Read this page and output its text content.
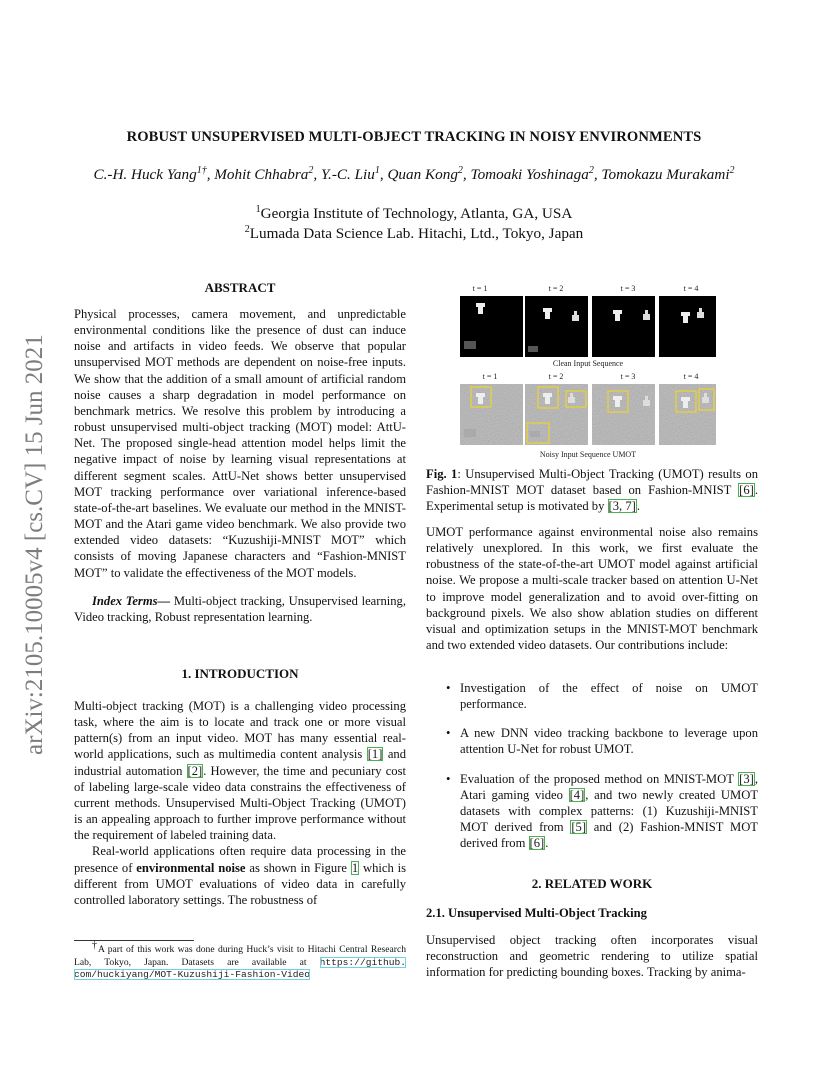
arXiv:2105.10005v4 [cs.CV] 15 Jun 2021
ROBUST UNSUPERVISED MULTI-OBJECT TRACKING IN NOISY ENVIRONMENTS
C.-H. Huck Yang$^{1\dagger}$, Mohit Chhabra$^2$, Y.-C. Liu$^1$, Quan Kong$^2$, Tomoaki Yoshinaga$^2$, Tomokazu Murakami$^2$
$^1$Georgia Institute of Technology, Atlanta, GA, USA
$^2$Lumada Data Science Lab. Hitachi, Ltd., Tokyo, Japan
ABSTRACT

Physical processes, camera movement, and unpredictable environmental conditions like the presence of dust can induce noise and artifacts in video feeds. We observe that popular unsupervised MOT methods are dependent on noise-free inputs. We show that the addition of a small amount of artificial random noise causes a sharp degradation in model performance on benchmark metrics. We resolve this problem by introducing a robust unsupervised multi-object tracking (MOT) model: AttU-Net. The proposed single-head attention model helps limit the negative impact of noise by learning visual representations at different segment scales. AttU-Net shows better unsupervised MOT tracking performance over variational inference-based state-of-the-art baselines. We evaluate our method in the MNIST-MOT and the Atari game video benchmark. We also provide two extended video datasets: “Kuzushiji-MNIST MOT” which consists of moving Japanese characters and “Fashion-MNIST MOT” to validate the effectiveness of the MOT models.

Index Terms— Multi-object tracking, Unsupervised learning, Video tracking, Robust representation learning.

1. INTRODUCTION

Multi-object tracking (MOT) is a challenging video processing task, where the aim is to locate and track one or more visual pattern(s) from an input video. MOT has many essential real-world applications, such as multimedia content analysis [1] and industrial automation [2]. However, the time and pecuniary cost of labeling large-scale video data constrains the effectiveness of current methods. Unsupervised Multi-Object Tracking (UMOT) is an appealing approach to further improve performance without the requirement of labeled training data.

Real-world applications often require data processing in the presence of environmental noise as shown in Figure 1 which is different from UMOT evaluations of video data in carefully controlled laboratory settings. The robustness of

†A part of this work was done during Huck’s visit to Hitachi Central Research Lab, Tokyo, Japan. Datasets are available at https://github. com/huckiyang/MOT-Kuzushiji-Fashion-Video
t = 1	t = 2	t = 3	t = 4
Clean Input Sequence
t = 1	t = 2	t = 3	t = 4
Noisy Input Sequence UMOT
Fig. 1: Unsupervised Multi-Object Tracking (UMOT) results on Fashion-MNIST MOT dataset based on Fashion-MNIST [6]. Experimental setup is motivated by [3, 7].
UMOT performance against environmental noise also remains relatively unexplored. In this work, we first evaluate the robustness of the state-of-the-art UMOT model against artificial noise. We propose a multi-scale tracker based on attention U-Net to improve model generalization and to avoid over-fitting on background pixels. We also show ablation studies on different visual and optimization setups in the MNIST-MOT benchmark and two extended video datasets. Our contributions include:
• Investigation of the effect of noise on UMOT performance.
• A new DNN video tracking backbone to leverage upon attention U-Net for robust UMOT.
• Evaluation of the proposed method on MNIST-MOT [3], Atari gaming video [4], and two newly created UMOT datasets with complex patterns: (1) Kuzushiji-MNIST MOT derived from [5] and (2) Fashion-MNIST MOT derived from [6].
2. RELATED WORK
2.1. Unsupervised Multi-Object Tracking
Unsupervised object tracking often incorporates visual reconstruction and geometric rendering to utilize spatial information for predicting bounding boxes. Tracking by anima-
